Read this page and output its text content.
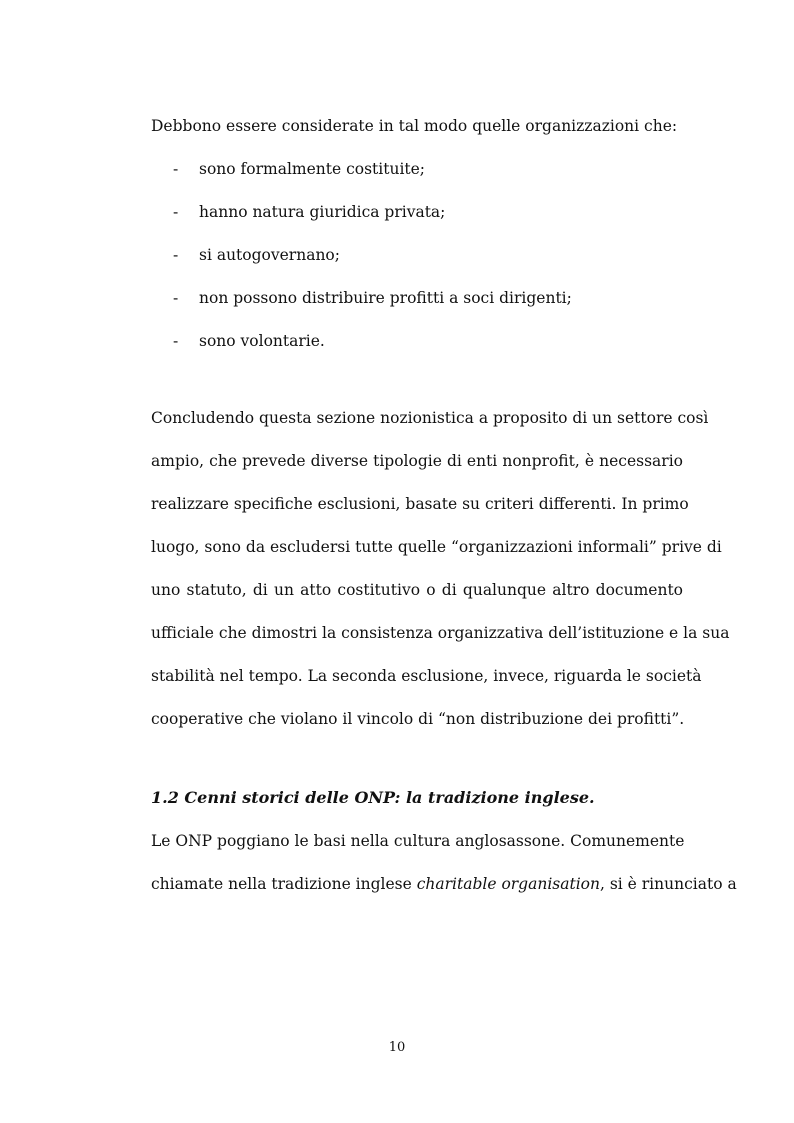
Debbono essere considerate in tal modo quelle organizzazioni che:
- sono formalmente costituite;
- hanno natura giuridica privata;
- si autogovernano;
- non possono distribuire profitti a soci dirigenti;
- sono volontarie.
Concludendo questa sezione nozionistica a proposito di un settore così
ampio, che prevede diverse tipologie di enti nonprofit, è necessario
realizzare specifiche esclusioni, basate su criteri differenti. In primo
luogo, sono da escludersi tutte quelle “organizzazioni informali” prive di
uno statuto, di un atto costitutivo o di qualunque altro documento
ufficiale che dimostri la consistenza organizzativa dell’istituzione e la sua
stabilità nel tempo. La seconda esclusione, invece, riguarda le società
cooperative che violano il vincolo di “non distribuzione dei profitti”.
1.2 Cenni storici delle ONP: la tradizione inglese.
Le ONP poggiano le basi nella cultura anglosassone. Comunemente
chiamate nella tradizione inglese charitable organisation, si è rinunciato a
10
